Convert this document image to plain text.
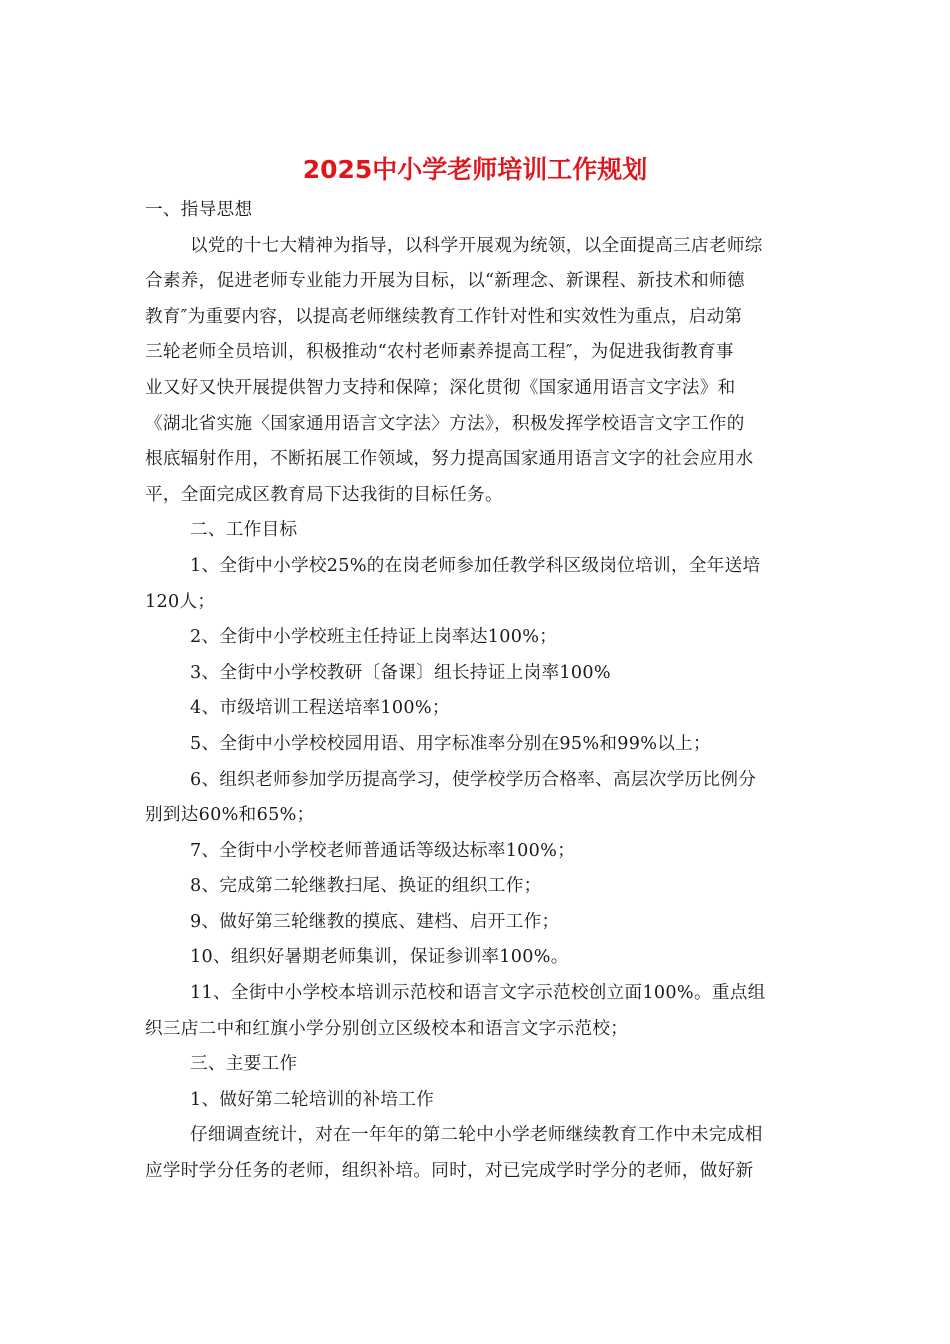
2025中小学老师培训工作规划

一、指导思想

以党的十七大精神为指导，以科学开展观为统领，以全面提高三店老师综

合素养，促进老师专业能力开展为目标，以“新理念、新课程、新技术和师德

教育″为重要内容，以提高老师继续教育工作针对性和实效性为重点，启动第

三轮老师全员培训，积极推动“农村老师素养提高工程″，为促进我街教育事

业又好又快开展提供智力支持和保障；深化贯彻《国家通用语言文字法》和

《湖北省实施〈国家通用语言文字法〉方法》，积极发挥学校语言文字工作的

根底辐射作用，不断拓展工作领域，努力提高国家通用语言文字的社会应用水

平，全面完成区教育局下达我街的目标任务。

二、工作目标

1、全街中小学校25%的在岗老师参加任教学科区级岗位培训，全年送培

120人；

2、全街中小学校班主任持证上岗率达100%；

3、全街中小学校教研〔备课〕组长持证上岗率100%

4、市级培训工程送培率100%；

5、全街中小学校校园用语、用字标准率分别在95%和99%以上；

6、组织老师参加学历提高学习，使学校学历合格率、高层次学历比例分

别到达60%和65%；

7、全街中小学校老师普通话等级达标率100%；

8、完成第二轮继教扫尾、换证的组织工作；

9、做好第三轮继教的摸底、建档、启开工作；

10、组织好暑期老师集训，保证参训率100%。

11、全街中小学校本培训示范校和语言文字示范校创立面100%。重点组

织三店二中和红旗小学分别创立区级校本和语言文字示范校；

三、主要工作

1、做好第二轮培训的补培工作

仔细调查统计，对在一年年的第二轮中小学老师继续教育工作中未完成相

应学时学分任务的老师，组织补培。同时，对已完成学时学分的老师，做好新
